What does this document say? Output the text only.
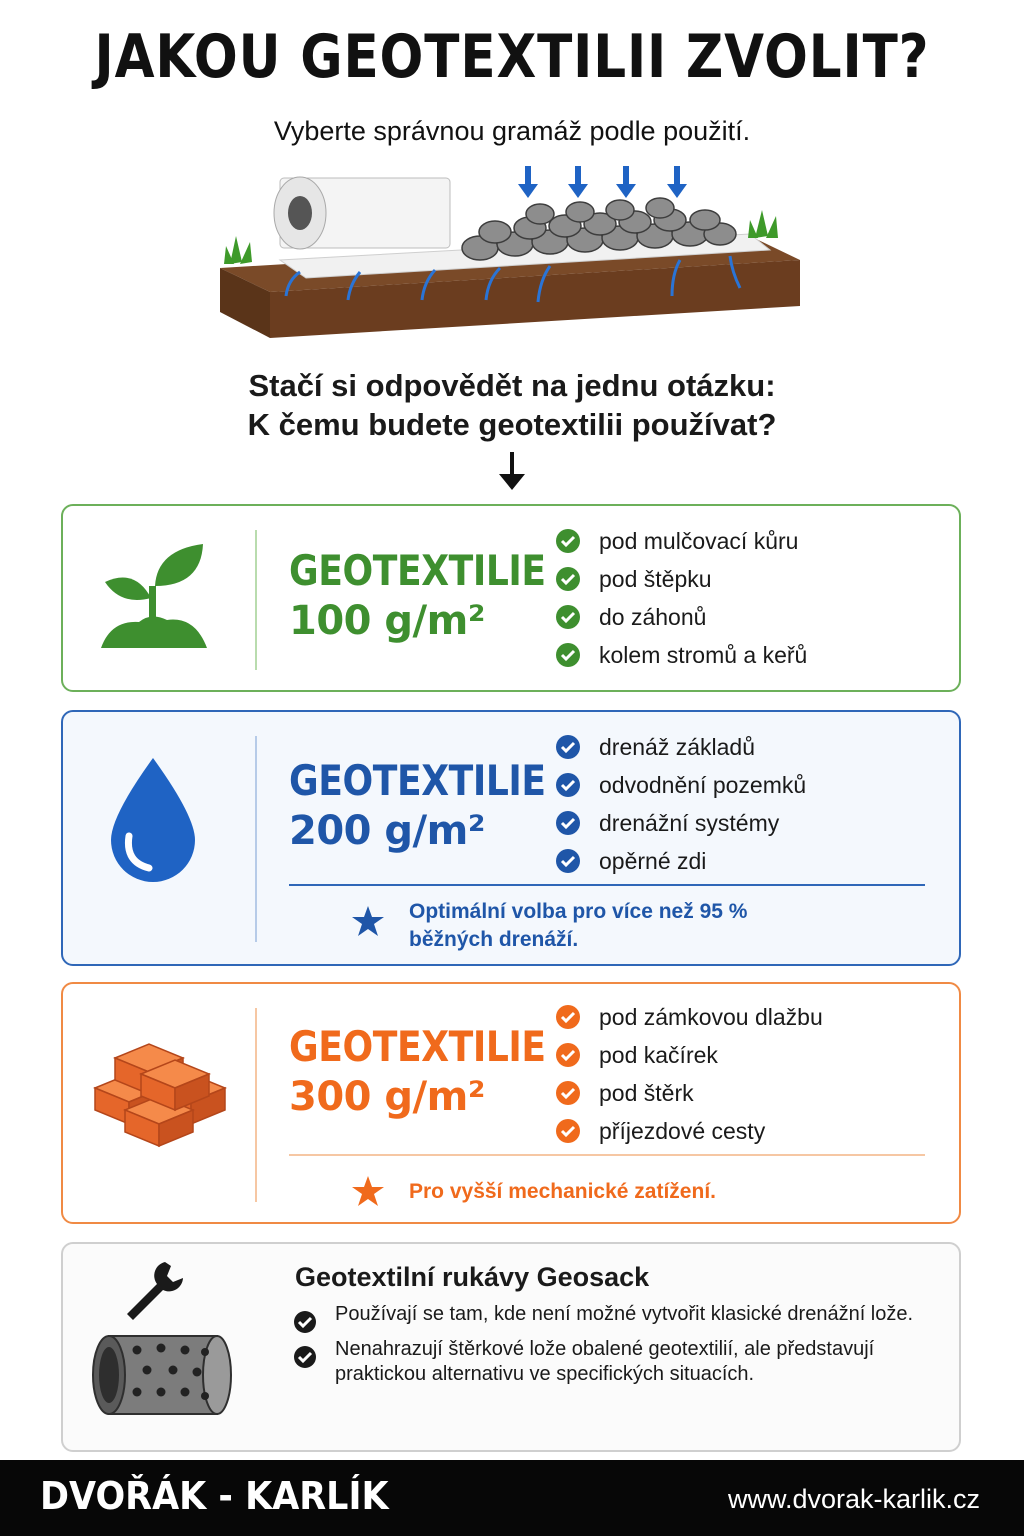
JAKOU GEOTEXTILII ZVOLIT?
Vyberte správnou gramáž podle použití.
Stačí si odpovědět na jednu otázku:
K čemu budete geotextilii používat?
GEOTEXTILIE
100 g/m²
pod mulčovací kůru
pod štěpku
do záhonů
kolem stromů a keřů
GEOTEXTILIE
200 g/m²
drenáž základů
odvodnění pozemků
drenážní systémy
opěrné zdi
Optimální volba pro více než 95 % běžných drenáží.
GEOTEXTILIE
300 g/m²
pod zámkovou dlažbu
pod kačírek
pod štěrk
příjezdové cesty
Pro vyšší mechanické zatížení.
Geotextilní rukávy Geosack
Používají se tam, kde není možné vytvořit klasické drenážní lože.
Nenahrazují štěrkové lože obalené geotextilií, ale představují praktickou alternativu ve specifických situacích.
DVOŘÁK - KARLÍK	www.dvorak-karlik.cz
